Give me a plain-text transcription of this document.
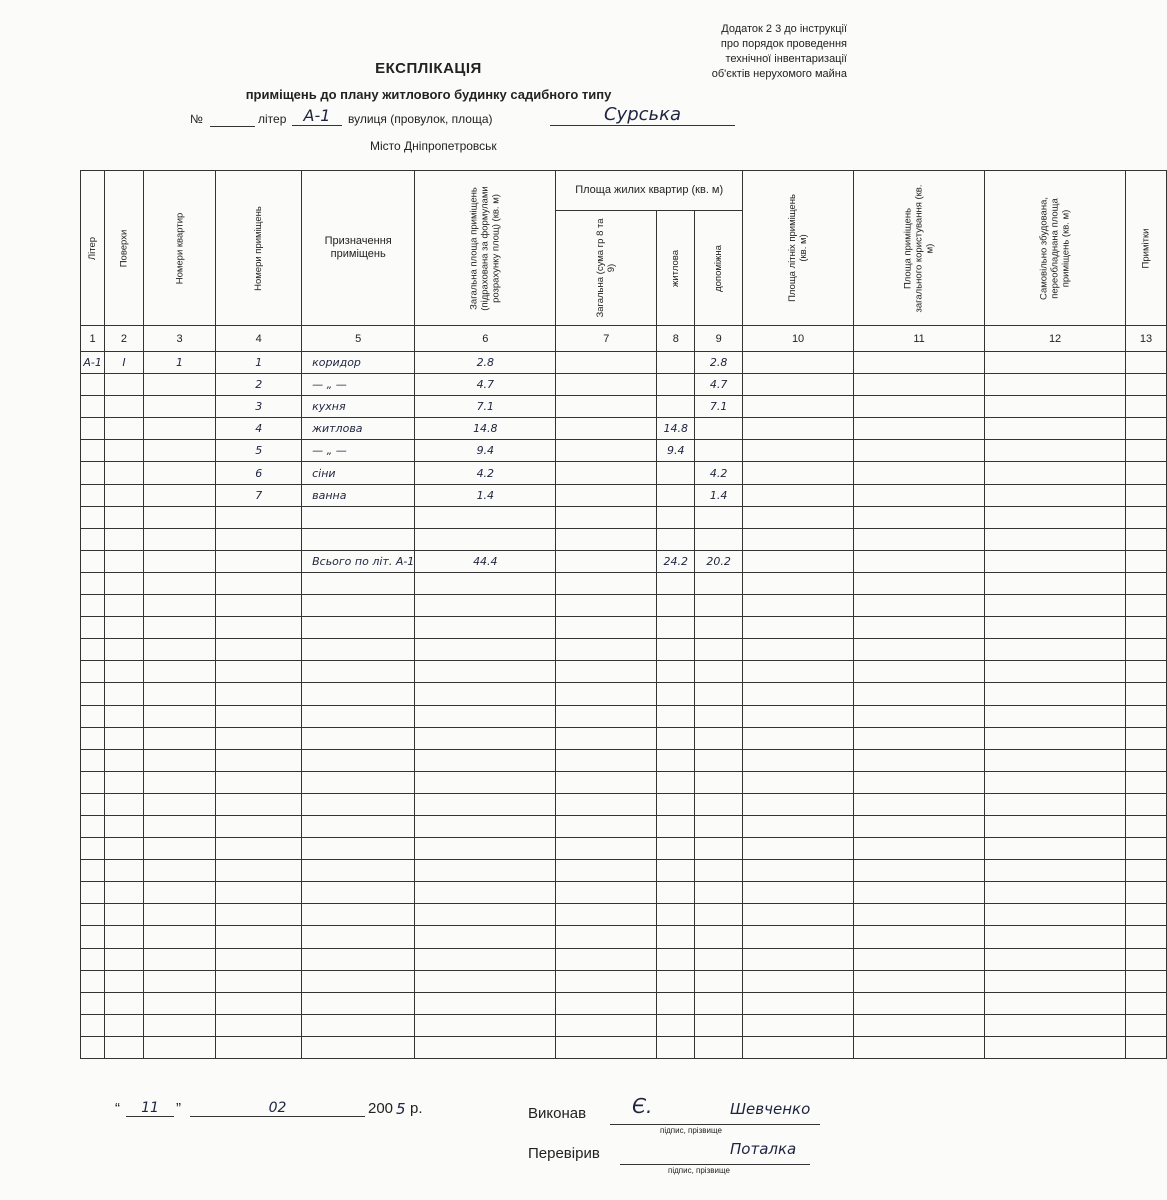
Додаток 2 3 до інструкції
про порядок проведення
технічної інвентаризації
об'єктів нерухомого майна
ЕКСПЛІКАЦІЯ
приміщень до плану житлового будинку садибного типу
№	літер	А-1	вулиця (провулок, площа)	Сурська
Місто Дніпропетровськ
Літер	Поверхи	Номери квартир	Номери приміщень	Призначення приміщень	Загальна площа приміщень (підрахована за формулами розрахунку площ) (кв. м)	Площа жилих квартир (кв. м)			Площа літніх приміщень (кв. м)	Площа приміщень загального користування (кв. м)	Самовільно збудована, переобладнана площа приміщень (кв. м)	Примітки

						Загальна (сума гр 8 та 9)	житлова	допоміжна				

1	2	3	4	5	6	7	8	9	10	11	12	13
А-1	І	1	1	коридор	2.8			2.8				
			2	— „ —	4.7			4.7				
			3	кухня	7.1			7.1				
			4	житлова	14.8		14.8					
			5	— „ —	9.4		9.4					
			6	сіни	4.2			4.2				
			7	ванна	1.4			1.4				

				Всього по літ. А-1	44.4		24.2	20.2				

“	11	”	02	200 5 р.	Виконав Є.	Шевченко
підпис, прізвище
Перевірив	Поталка
підпис, прізвище
